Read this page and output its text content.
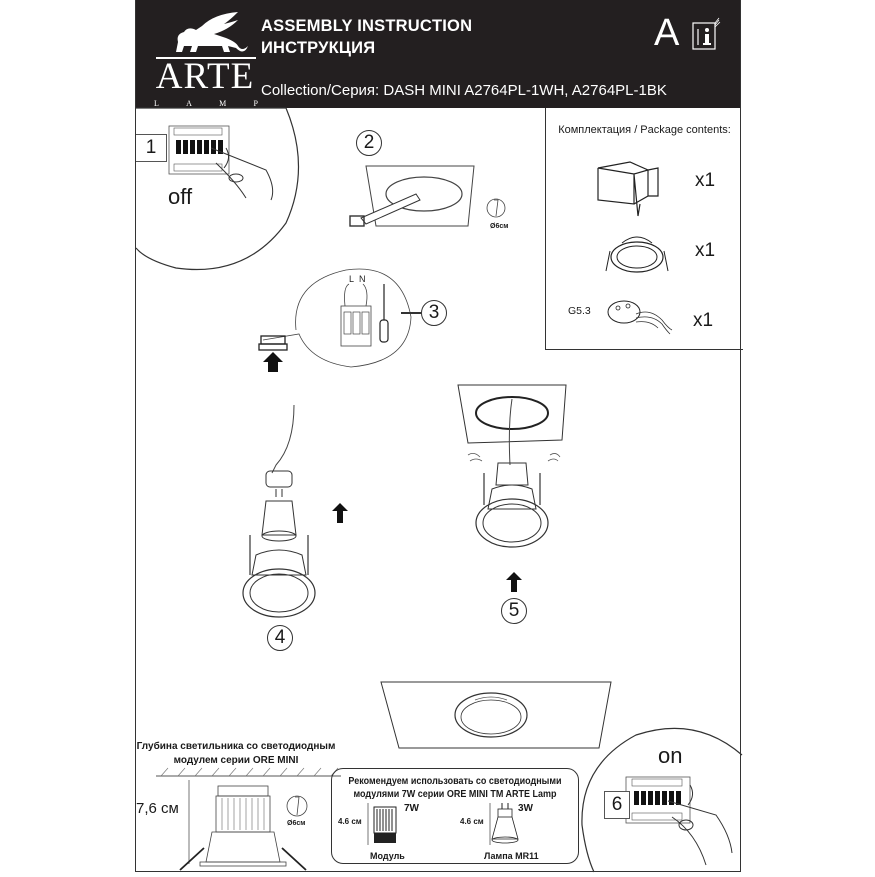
ARTE
L	A	M	P
ASSEMBLY INSTRUCTION
ИНСТРУКЦИЯ
Collection/Серия: DASH MINI A2764PL-1WH, A2764PL-1BK
A
1
off
2
Ø6см
L N
3
Комплектация / Package contents:
x1
x1
G5.3	x1
4
5
Глубина светильника со светодиодным
модулем серии ORE MINI
7,6 см
Ø6см
Рекомендуем использовать со светодиодными
модулями 7W серии ORE MINI TM ARTE Lamp
4.6 см
7W
Модуль
4.6 см
3W
Лампа MR11
on
6
